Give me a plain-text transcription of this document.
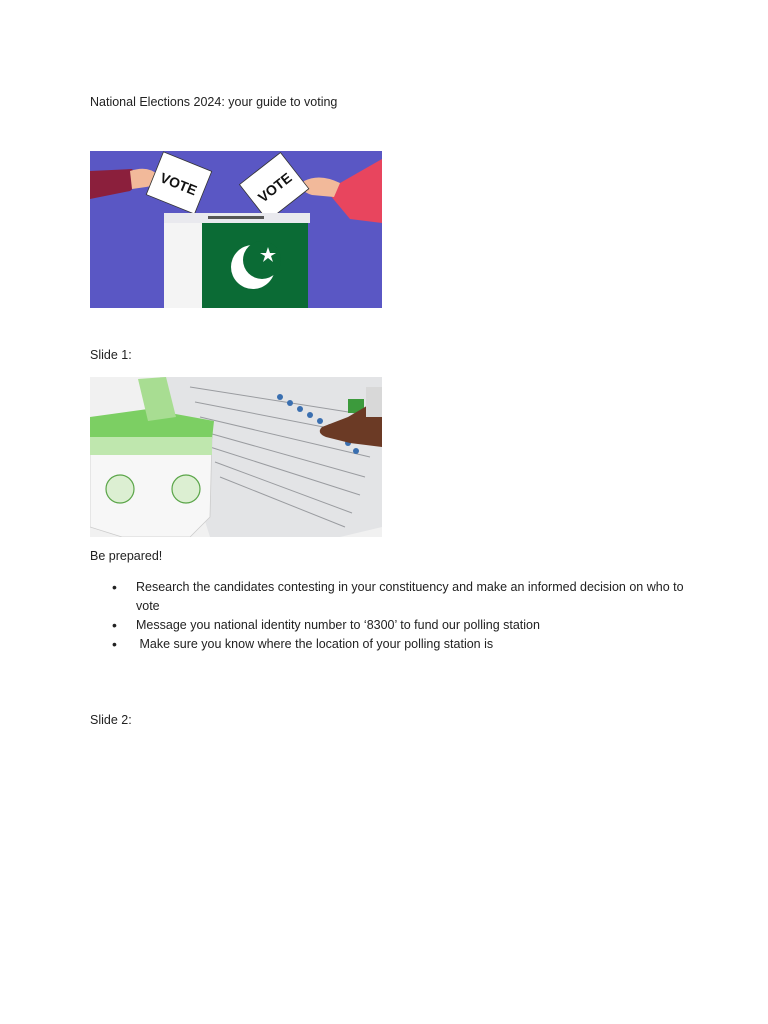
National Elections 2024: your guide to voting
VOTE	VOTE
Slide 1:
Be prepared!
• Research the candidates contesting in your constituency and make an informed decision on who to vote
• Message you national identity number to ‘8300’ to fund our polling station
• Make sure you know where the location of your polling station is
Slide 2:
